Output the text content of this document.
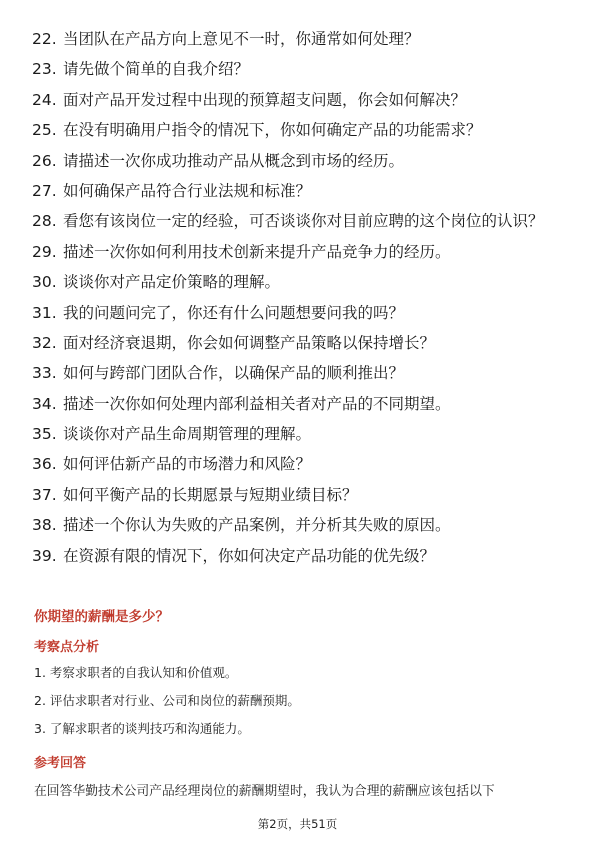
22. 当团队在产品方向上意见不一时，你通常如何处理？
23. 请先做个简单的自我介绍？
24. 面对产品开发过程中出现的预算超支问题，你会如何解决？
25. 在没有明确用户指令的情况下，你如何确定产品的功能需求？
26. 请描述一次你成功推动产品从概念到市场的经历。
27. 如何确保产品符合行业法规和标准？
28. 看您有该岗位一定的经验，可否谈谈你对目前应聘的这个岗位的认识？
29. 描述一次你如何利用技术创新来提升产品竞争力的经历。
30. 谈谈你对产品定价策略的理解。
31. 我的问题问完了，你还有什么问题想要问我的吗？
32. 面对经济衰退期，你会如何调整产品策略以保持增长？
33. 如何与跨部门团队合作，以确保产品的顺利推出？
34. 描述一次你如何处理内部利益相关者对产品的不同期望。
35. 谈谈你对产品生命周期管理的理解。
36. 如何评估新产品的市场潜力和风险？
37. 如何平衡产品的长期愿景与短期业绩目标？
38. 描述一个你认为失败的产品案例，并分析其失败的原因。
39. 在资源有限的情况下，你如何决定产品功能的优先级？
你期望的薪酬是多少？
考察点分析
1. 考察求职者的自我认知和价值观。
2. 评估求职者对行业、公司和岗位的薪酬预期。
3. 了解求职者的谈判技巧和沟通能力。
参考回答
在回答华勤技术公司产品经理岗位的薪酬期望时，我认为合理的薪酬应该包括以下
第2页，共51页
